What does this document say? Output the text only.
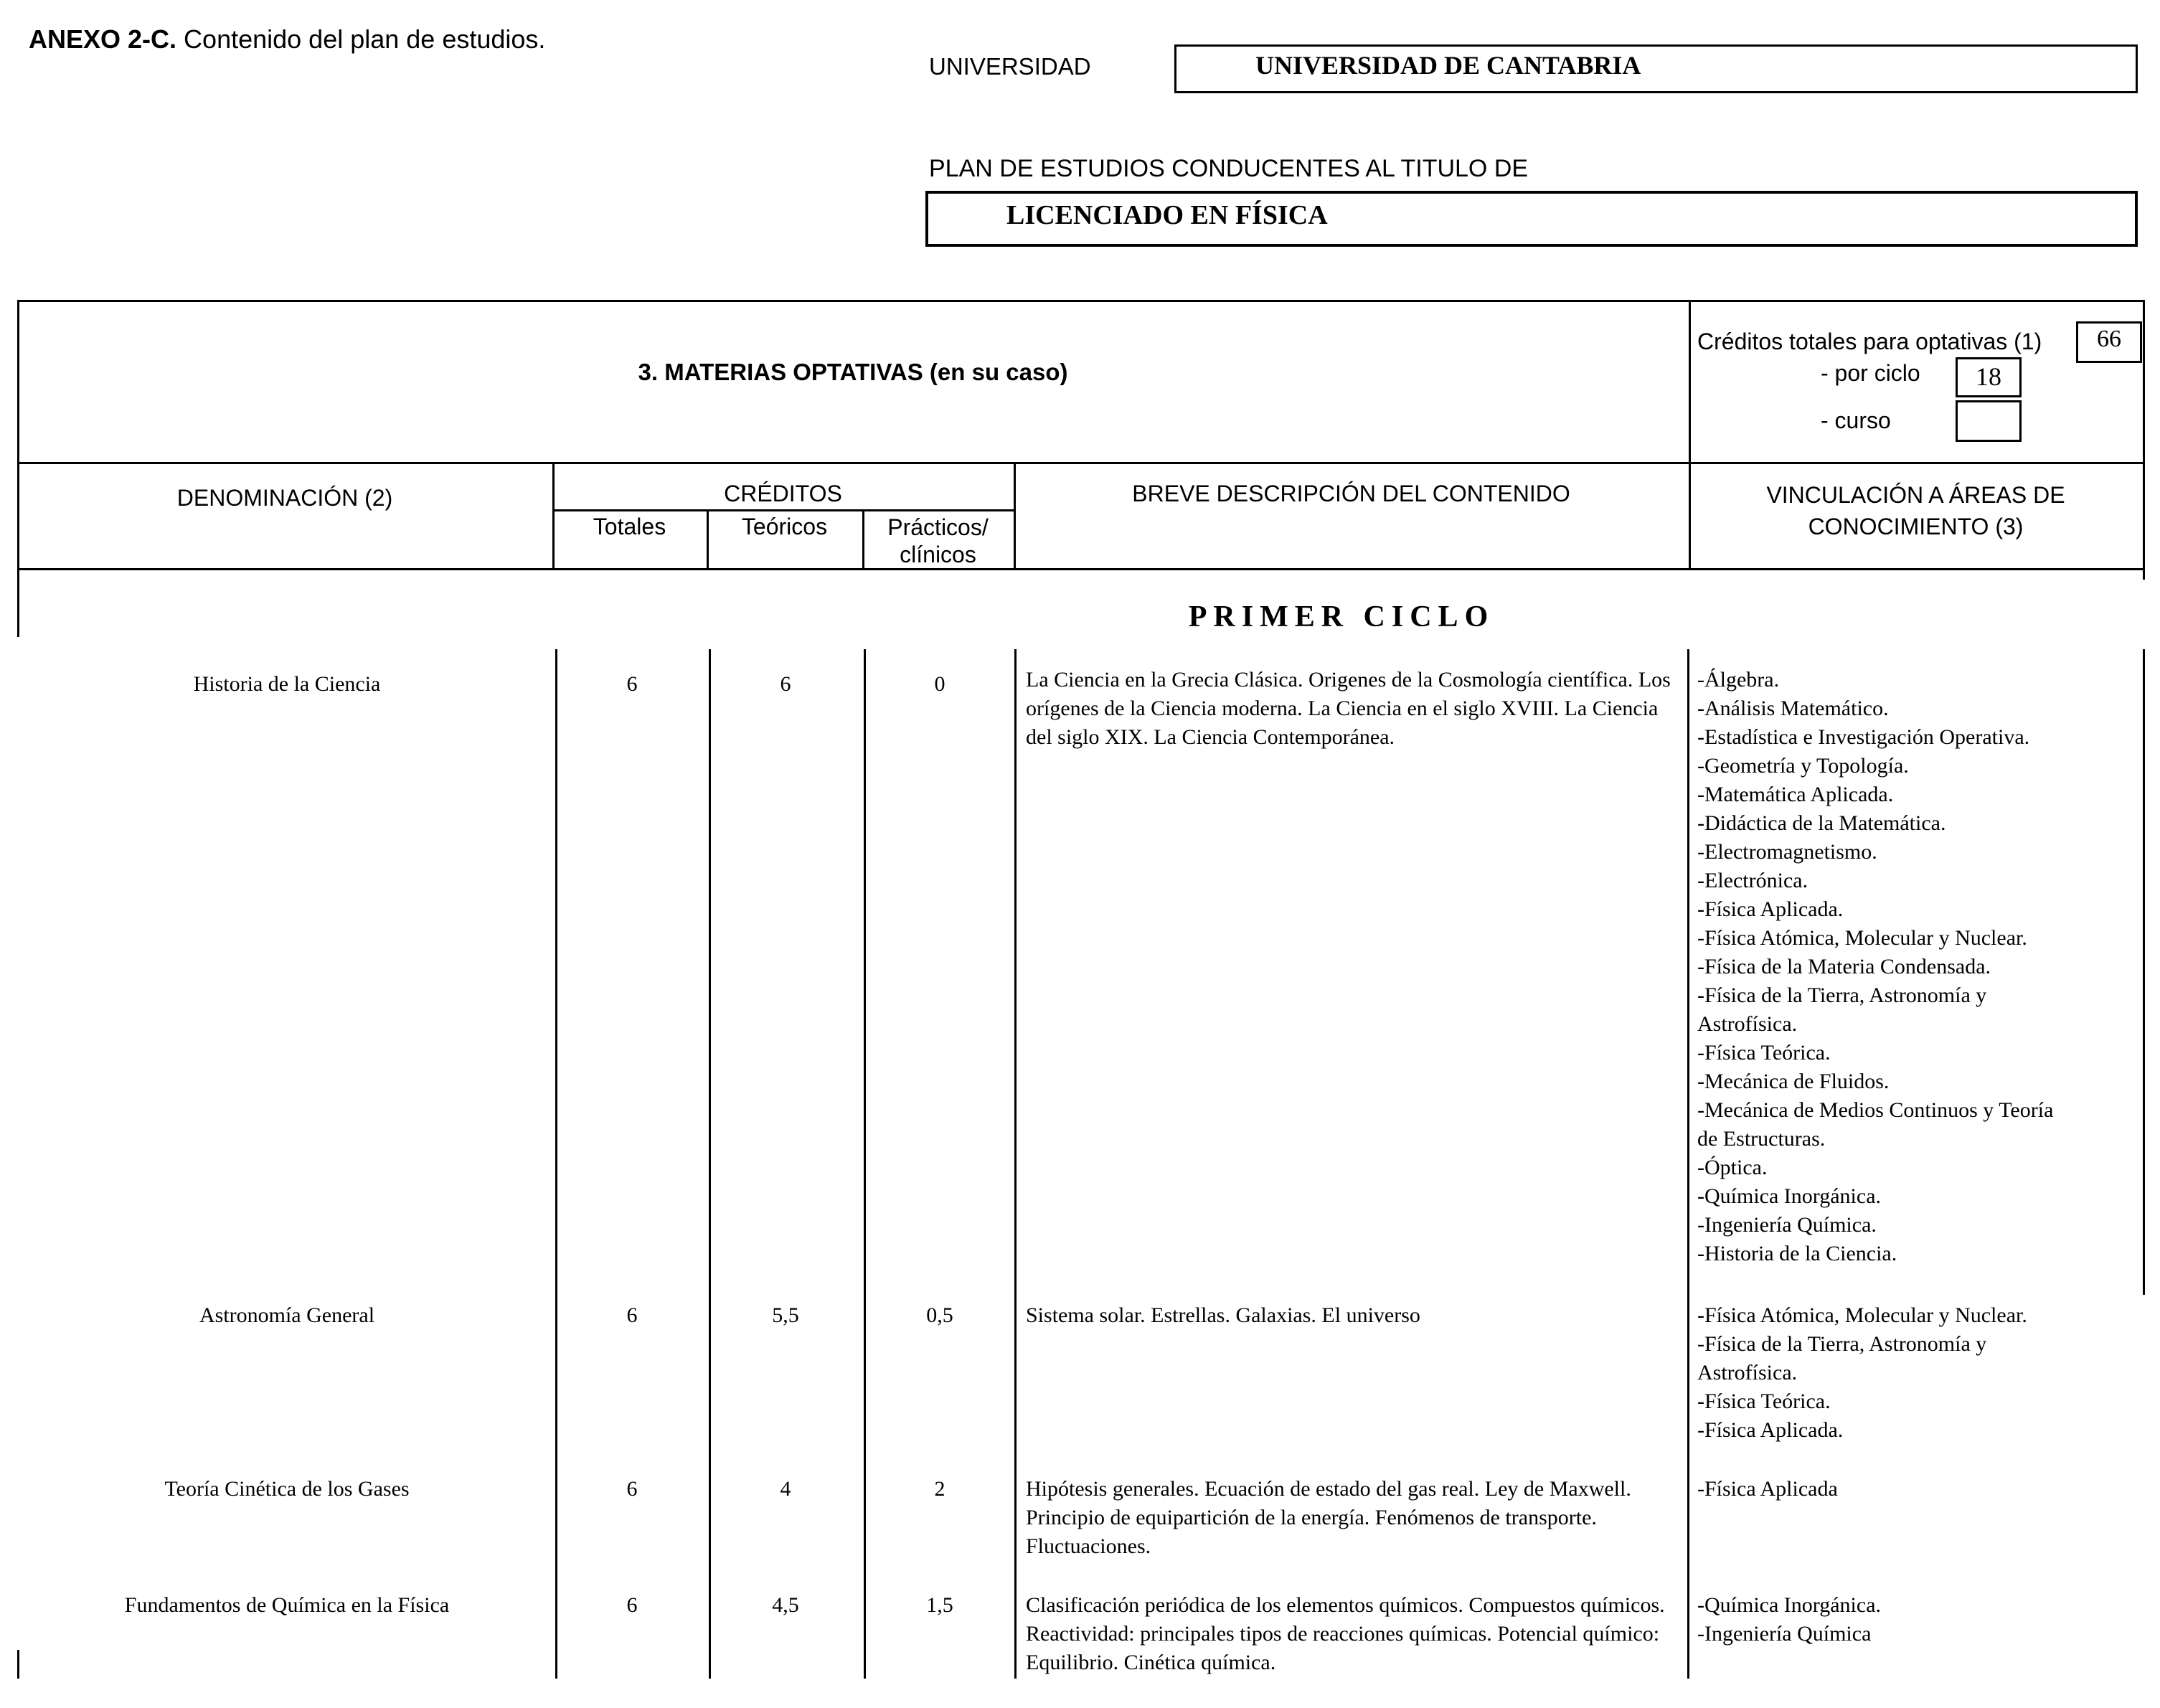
ANEXO 2-C. Contenido del plan de estudios.
UNIVERSIDAD	UNIVERSIDAD DE CANTABRIA
PLAN DE ESTUDIOS CONDUCENTES AL TITULO DE
LICENCIADO EN FÍSICA
3. MATERIAS OPTATIVAS (en su caso)
Créditos totales para optativas (1)	66
- por ciclo	18
- curso
DENOMINACIÓN (2)	CRÉDITOS
Totales	Teóricos	Prácticos/
clínicos
BREVE DESCRIPCIÓN DEL CONTENIDO	VINCULACIÓN A ÁREAS DE
CONOCIMIENTO (3)
PRIMER CICLO
Historia de la Ciencia	6	6	0	La Ciencia en la Grecia Clásica. Origenes de la Cosmología científica. Los orígenes de la Ciencia moderna. La Ciencia en el siglo XVIII. La Ciencia del siglo XIX. La Ciencia Contemporánea.
-Álgebra.
-Análisis Matemático.
-Estadística e Investigación Operativa.
-Geometría y Topología.
-Matemática Aplicada.
-Didáctica de la Matemática.
-Electromagnetismo.
-Electrónica.
-Física Aplicada.
-Física Atómica, Molecular y Nuclear.
-Física de la Materia Condensada.
-Física de la Tierra, Astronomía y
Astrofísica.
-Física Teórica.
-Mecánica de Fluidos.
-Mecánica de Medios Continuos y Teoría
de Estructuras.
-Óptica.
-Química Inorgánica.
-Ingeniería Química.
-Historia de la Ciencia.
Astronomía General	6	5,5	0,5	Sistema solar. Estrellas. Galaxias. El universo	-Física Atómica, Molecular y Nuclear.
-Física de la Tierra, Astronomía y
Astrofísica.
-Física Teórica.
-Física Aplicada.
Teoría Cinética de los Gases	6	4	2	Hipótesis generales. Ecuación de estado del gas real. Ley de Maxwell. Principio de equipartición de la energía. Fenómenos de transporte. Fluctuaciones.
-Física Aplicada
Fundamentos de Química en la Física	6	4,5	1,5	Clasificación periódica de los elementos químicos. Compuestos químicos. Reactividad: principales tipos de reacciones químicas. Potencial químico: Equilibrio. Cinética química.
-Química Inorgánica.
-Ingeniería Química
